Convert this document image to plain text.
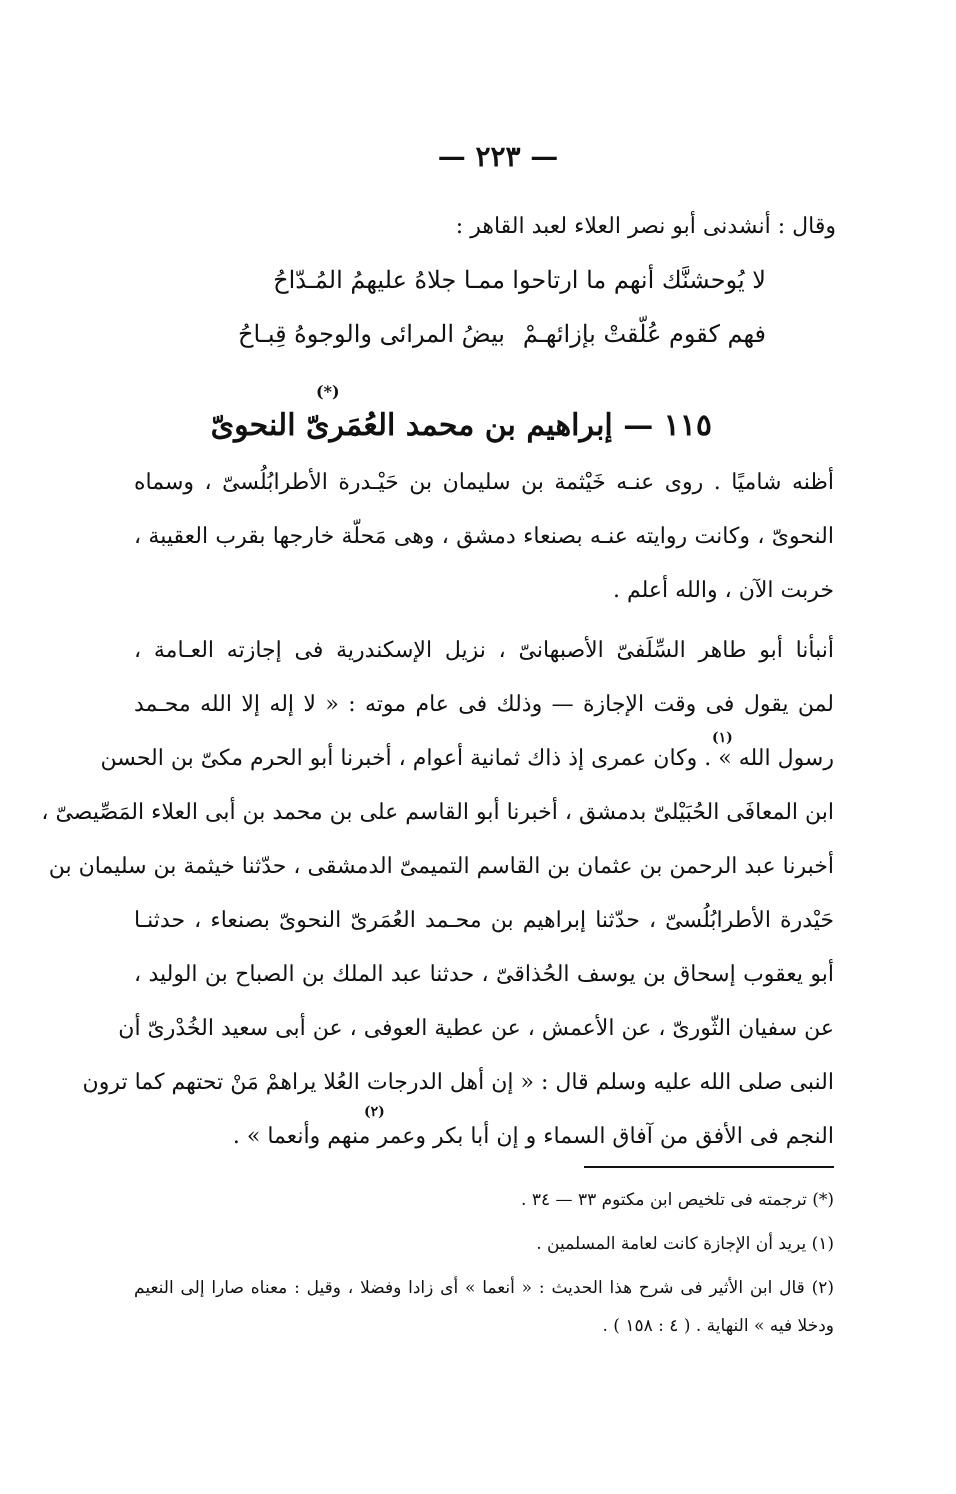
— ٢٢٣ —
وقال : أنشدنى أبو نصر العلاء لعبد القاهر :
لا يُوحشنَّك أنهم ما ارتاحوا
ممـا جلاهُ عليهمُ المُـدّاحُ
فهم كقوم عُلّقتْ بإزائهـمْ
بيضُ المرائى والوجوهُ قِبـاحُ
(*)
١١٥ — إبراهيم بن محمد العُمَرىّ النحوىّ
أظنه شاميًا . روى عنـه خَيْثمة بن سليمان بن حَيْـدرة الأطرابُلُسىّ ، وسماه
النحوىّ ، وكانت روايته عنـه بصنعاء دمشق ، وهى مَحلّة خارجها بقرب العقيبة ،
خربت الآن ، والله أعلم .
أنبأنا أبو طاهر السِّلَفىّ الأصبهانىّ ، نزيل الإسكندرية فى إجازته العـامة ،
لمن يقول فى وقت الإجازة — وذلك فى عام موته : « لا إله إلا الله محـمد
(١)
رسول الله » . وكان عمرى إذ ذاك ثمانية أعوام ، أخبرنا أبو الحرم مكىّ بن الحسن
ابن المعافَى الحُبَيْلىّ بدمشق ، أخبرنا أبو القاسم على بن محمد بن أبى العلاء المَصِّيصىّ ،
أخبرنا عبد الرحمن بن عثمان بن القاسم التميمىّ الدمشقى ، حدّثنا خيثمة بن سليمان بن
حَيْدرة الأطرابُلُسىّ ، حدّثنا إبراهيم بن محـمد العُمَرىّ النحوىّ بصنعاء ، حدثنـا
أبو يعقوب إسحاق بن يوسف الحُذاقىّ ، حدثنا عبد الملك بن الصباح بن الوليد ،
عن سفيان الثّورىّ ، عن الأعمش ، عن عطية العوفى ، عن أبى سعيد الخُدْرىّ أن
النبى صلى الله عليه وسلم قال : « إن أهل الدرجات العُلا يراهمْ مَنْ تحتهم كما ترون
(٢)
النجم فى الأفق من آفاق السماء و إن أبا بكر وعمر منهم وأنعما » .
(*) ترجمته فى تلخيص ابن مكتوم ٣٣ — ٣٤ .
(١) يريد أن الإجازة كانت لعامة المسلمين .
(٢) قال ابن الأثير فى شرح هذا الحديث : « أنعما » أى زادا وفضلا ، وقيل : معناه صارا إلى النعيم
ودخلا فيه » النهاية . ( ٤ : ١٥٨ ) .
